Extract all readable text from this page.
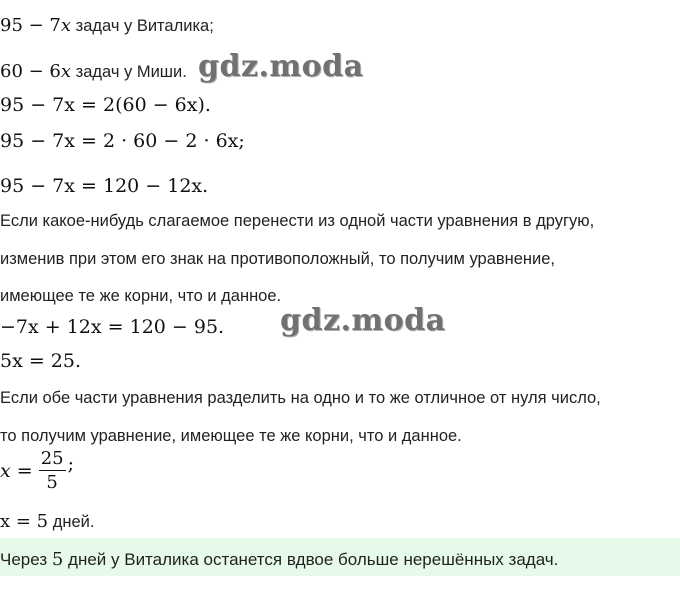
95 − 7x задач у Виталика;
60 − 6x задач у Миши.
95 − 7x = 2(60 − 6x).
95 − 7x = 2 · 60 − 2 · 6x;
95 − 7x = 120 − 12x.
Если какое-нибудь слагаемое перенести из одной части уравнения в другую,
изменив при этом его знак на противоположный, то получим уравнение,
имеющее те же корни, что и данное.
−7x + 12x = 120 − 95.
5x = 25.
Если обе части уравнения разделить на одно и то же отличное от нуля число,
то получим уравнение, имеющее те же корни, что и данное.
$x = \frac{25}{5}$ ;
x = 5 дней.
Через 5 дней у Виталика останется вдвое больше нерешённых задач.
gdz.moda
gdz.moda
